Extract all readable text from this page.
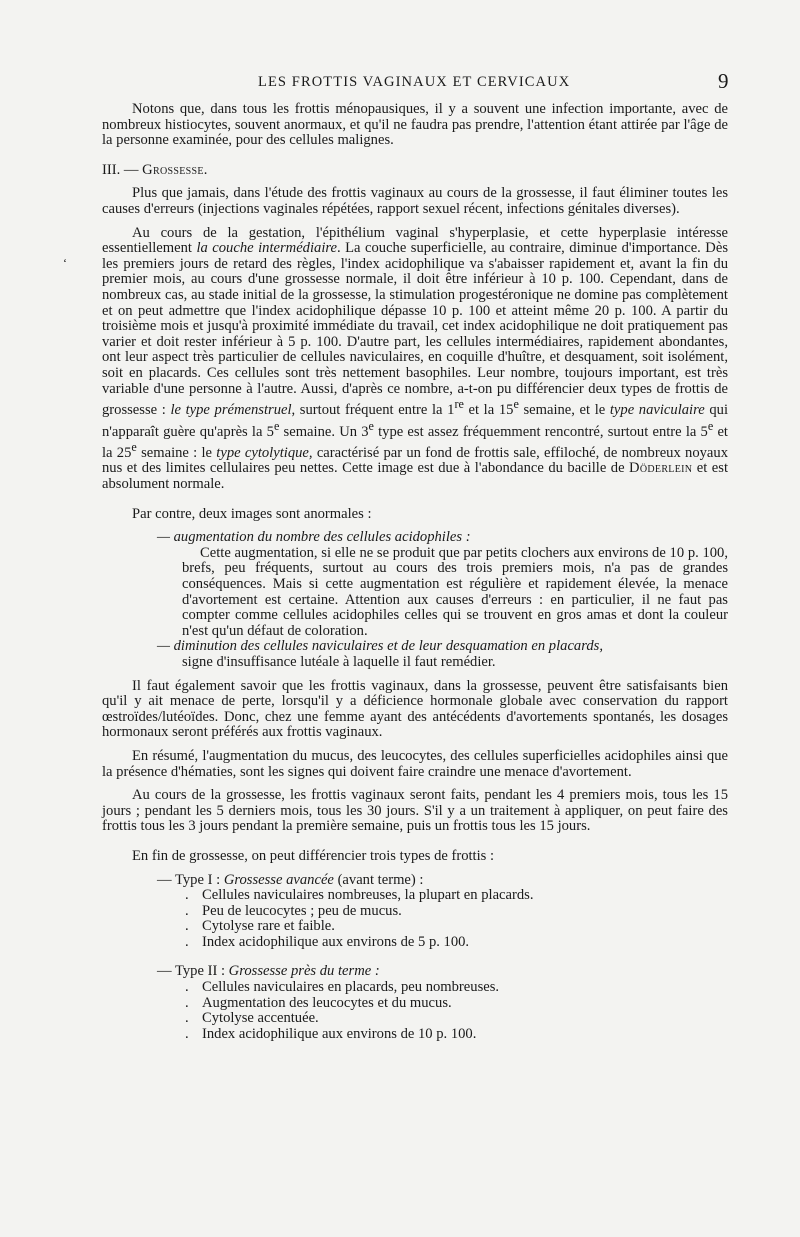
LES FROTTIS VAGINAUX ET CERVICAUX	9
ʻ

Notons que, dans tous les frottis ménopausiques, il y a souvent une infection importante, avec de nombreux histiocytes, souvent anormaux, et qu'il ne faudra pas prendre, l'attention étant attirée par l'âge de la personne examinée, pour des cellules malignes.

III. — Grossesse.

Plus que jamais, dans l'étude des frottis vaginaux au cours de la grossesse, il faut éliminer toutes les causes d'erreurs (injections vaginales répétées, rapport sexuel récent, infections génitales diverses).

Au cours de la gestation, l'épithélium vaginal s'hyperplasie, et cette hyperplasie intéresse essentiellement la couche intermédiaire. La couche superficielle, au contraire, diminue d'importance. Dès les premiers jours de retard des règles, l'index acidophilique va s'abaisser rapidement et, avant la fin du premier mois, au cours d'une grossesse normale, il doit être inférieur à 10 p. 100. Cependant, dans de nombreux cas, au stade initial de la grossesse, la stimulation progestéronique ne domine pas complètement et on peut admettre que l'index acidophilique dépasse 10 p. 100 et atteint même 20 p. 100. A partir du troisième mois et jusqu'à proximité immédiate du travail, cet index acidophilique ne doit pratiquement pas varier et doit rester inférieur à 5 p. 100. D'autre part, les cellules intermédiaires, rapidement abondantes, ont leur aspect très particulier de cellules naviculaires, en coquille d'huître, et desquament, soit isolément, soit en placards. Ces cellules sont très nettement basophiles. Leur nombre, toujours important, est très variable d'une personne à l'autre. Aussi, d'après ce nombre, a-t-on pu différencier deux types de frottis de grossesse : le type prémenstruel, surtout fréquent entre la 1re et la 15e semaine, et le type naviculaire qui n'apparaît guère qu'après la 5e semaine. Un 3e type est assez fréquemment rencontré, surtout entre la 5e et la 25e semaine : le type cytolytique, caractérisé par un fond de frottis sale, effiloché, de nombreux noyaux nus et des limites cellulaires peu nettes. Cette image est due à l'abondance du bacille de Döderlein et est absolument normale.

Par contre, deux images sont anormales :

— augmentation du nombre des cellules acidophiles :

Cette augmentation, si elle ne se produit que par petits clochers aux environs de 10 p. 100, brefs, peu fréquents, surtout au cours des trois premiers mois, n'a pas de grandes conséquences. Mais si cette augmentation est régulière et rapidement élevée, la menace d'avortement est certaine. Attention aux causes d'erreurs : en particulier, il ne faut pas compter comme cellules acidophiles celles qui se trouvent en gros amas et dont la couleur n'est qu'un défaut de coloration.

— diminution des cellules naviculaires et de leur desquamation en placards,

signe d'insuffisance lutéale à laquelle il faut remédier.

Il faut également savoir que les frottis vaginaux, dans la grossesse, peuvent être satisfaisants bien qu'il y ait menace de perte, lorsqu'il y a déficience hormonale globale avec conservation du rapport œstroïdes/lutéoïdes. Donc, chez une femme ayant des antécédents d'avortements spontanés, les dosages hormonaux seront préférés aux frottis vaginaux.

En résumé, l'augmentation du mucus, des leucocytes, des cellules superficielles acidophiles ainsi que la présence d'hématies, sont les signes qui doivent faire craindre une menace d'avortement.

Au cours de la grossesse, les frottis vaginaux seront faits, pendant les 4 premiers mois, tous les 15 jours ; pendant les 5 derniers mois, tous les 30 jours. S'il y a un traitement à appliquer, on peut faire des frottis tous les 3 jours pendant la première semaine, puis un frottis tous les 15 jours.

En fin de grossesse, on peut différencier trois types de frottis :

— Type I : Grossesse avancée (avant terme) :

. Cellules naviculaires nombreuses, la plupart en placards.

. Peu de leucocytes ; peu de mucus.

. Cytolyse rare et faible.

. Index acidophilique aux environs de 5 p. 100.

— Type II : Grossesse près du terme :

. Cellules naviculaires en placards, peu nombreuses.

. Augmentation des leucocytes et du mucus.

. Cytolyse accentuée.

. Index acidophilique aux environs de 10 p. 100.
